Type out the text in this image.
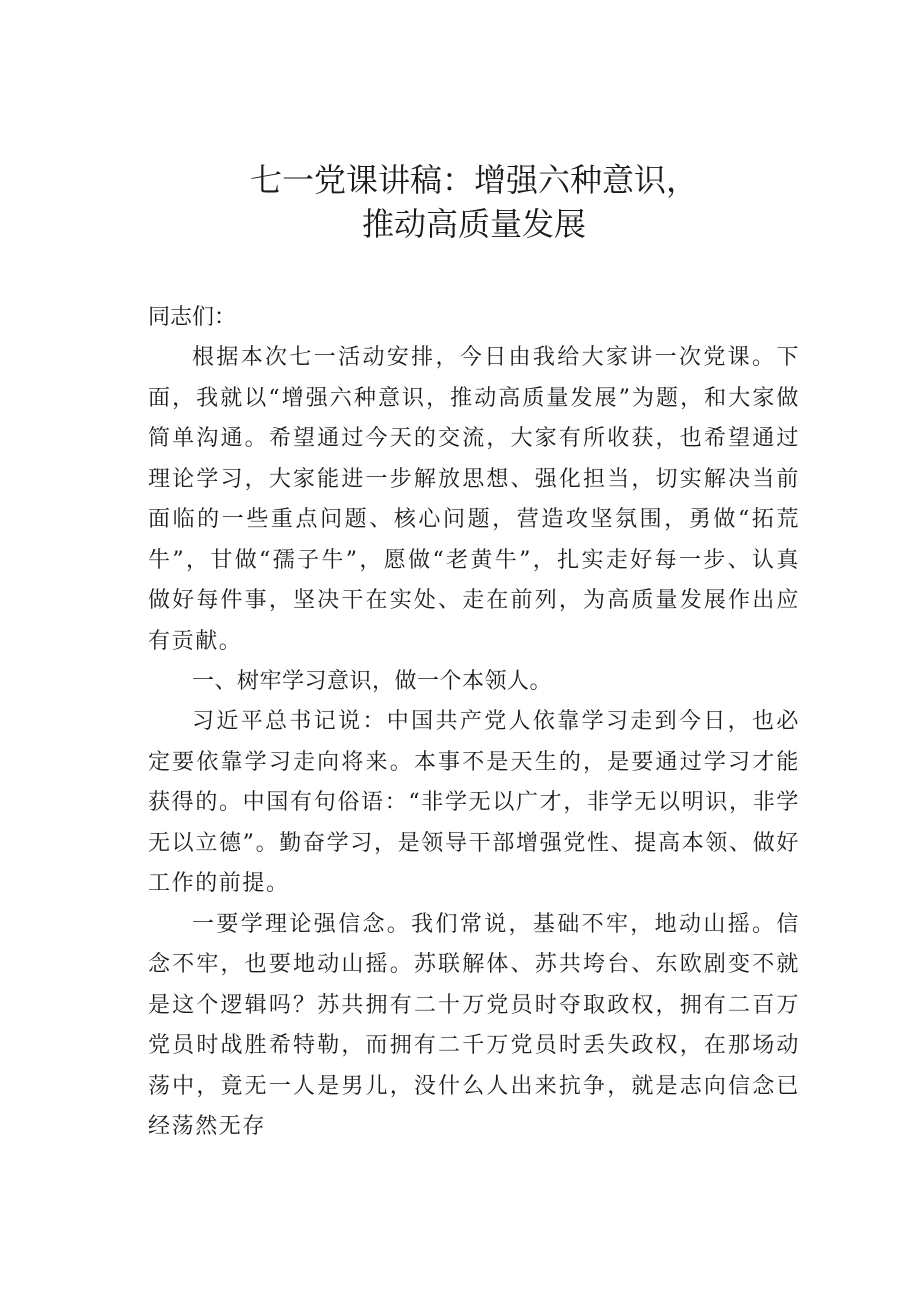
七一党课讲稿：增强六种意识，
推动高质量发展

同志们：

根据本次七一活动安排，今日由我给大家讲一次党课。下面，我就以“增强六种意识，推动高质量发展”为题，和大家做简单沟通。希望通过今天的交流，大家有所收获，也希望通过理论学习，大家能进一步解放思想、强化担当，切实解决当前面临的一些重点问题、核心问题，营造攻坚氛围，勇做“拓荒牛”，甘做“孺子牛”，愿做“老黄牛”，扎实走好每一步、认真做好每件事，坚决干在实处、走在前列，为高质量发展作出应有贡献。

一、树牢学习意识，做一个本领人。

习近平总书记说：中国共产党人依靠学习走到今日，也必定要依靠学习走向将来。本事不是天生的，是要通过学习才能获得的。中国有句俗语：“非学无以广才，非学无以明识，非学无以立德”。勤奋学习，是领导干部增强党性、提高本领、做好工作的前提。

一要学理论强信念。我们常说，基础不牢，地动山摇。信念不牢，也要地动山摇。苏联解体、苏共垮台、东欧剧变不就是这个逻辑吗？苏共拥有二十万党员时夺取政权，拥有二百万党员时战胜希特勒，而拥有二千万党员时丢失政权，在那场动荡中，竟无一人是男儿，没什么人出来抗争，就是志向信念已经荡然无存
